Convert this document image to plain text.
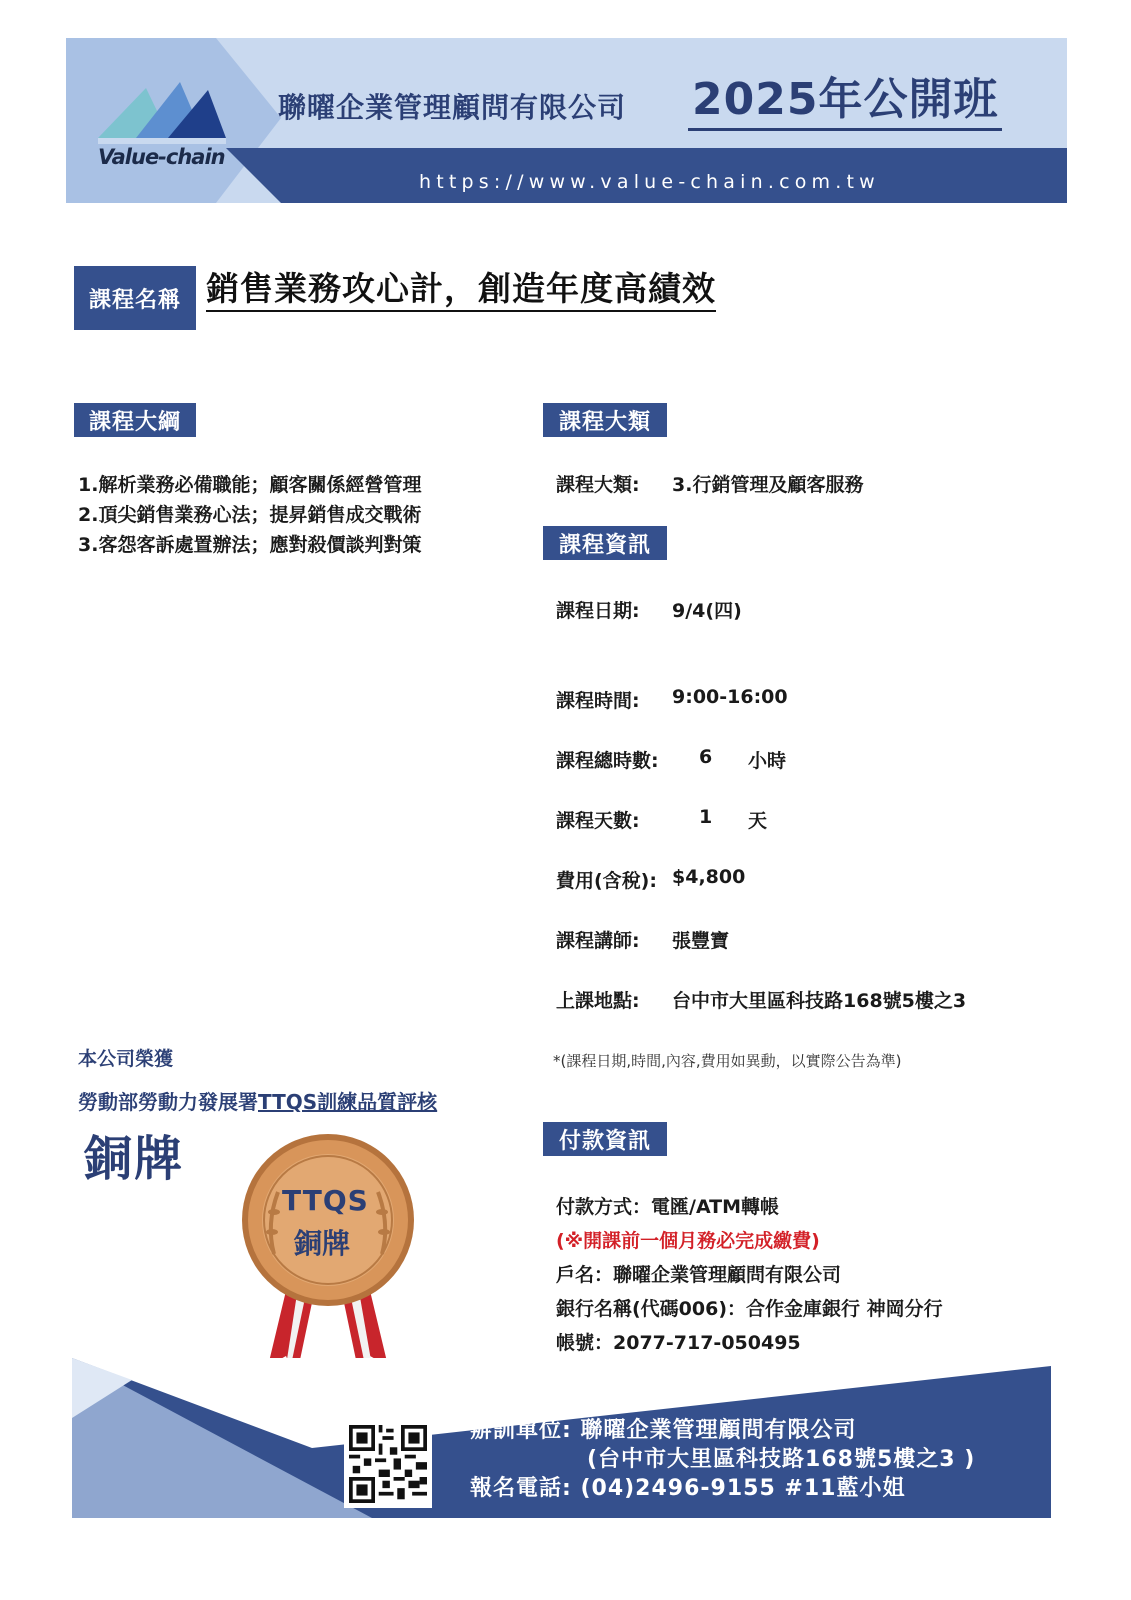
Value-chain
聯曜企業管理顧問有限公司 2025年公開班
https://www.value-chain.com.tw
課程名稱 銷售業務攻心計，創造年度高績效
課程大綱
1.解析業務必備職能；顧客關係經營管理
2.頂尖銷售業務心法；提昇銷售成交戰術
3.客怨客訴處置辦法；應對殺價談判對策
課程大類
課程大類: 3.行銷管理及顧客服務
課程資訊
課程日期: 9/4(四)
課程時間: 9:00-16:00
課程總時數: 6 小時
課程天數:	1 天
費用(含稅): $4,800
課程講師: 張豐寶
上課地點: 台中市大里區科技路168號5樓之3
*(課程日期,時間,內容,費用如異動，以實際公告為準)
付款資訊
付款方式：電匯/ATM轉帳
(※開課前一個月務必完成繳費)
戶名：聯曜企業管理顧問有限公司
銀行名稱(代碼006)：合作金庫銀行 神岡分行
帳號：2077-717-050495
本公司榮獲
勞動部勞動力發展署TTQS訓練品質評核
銅牌
TTQS
銅牌
辦訓單位: 聯曜企業管理顧問有限公司
(台中市大里區科技路168號5樓之3 )
報名電話: (04)2496-9155 #11藍小姐
